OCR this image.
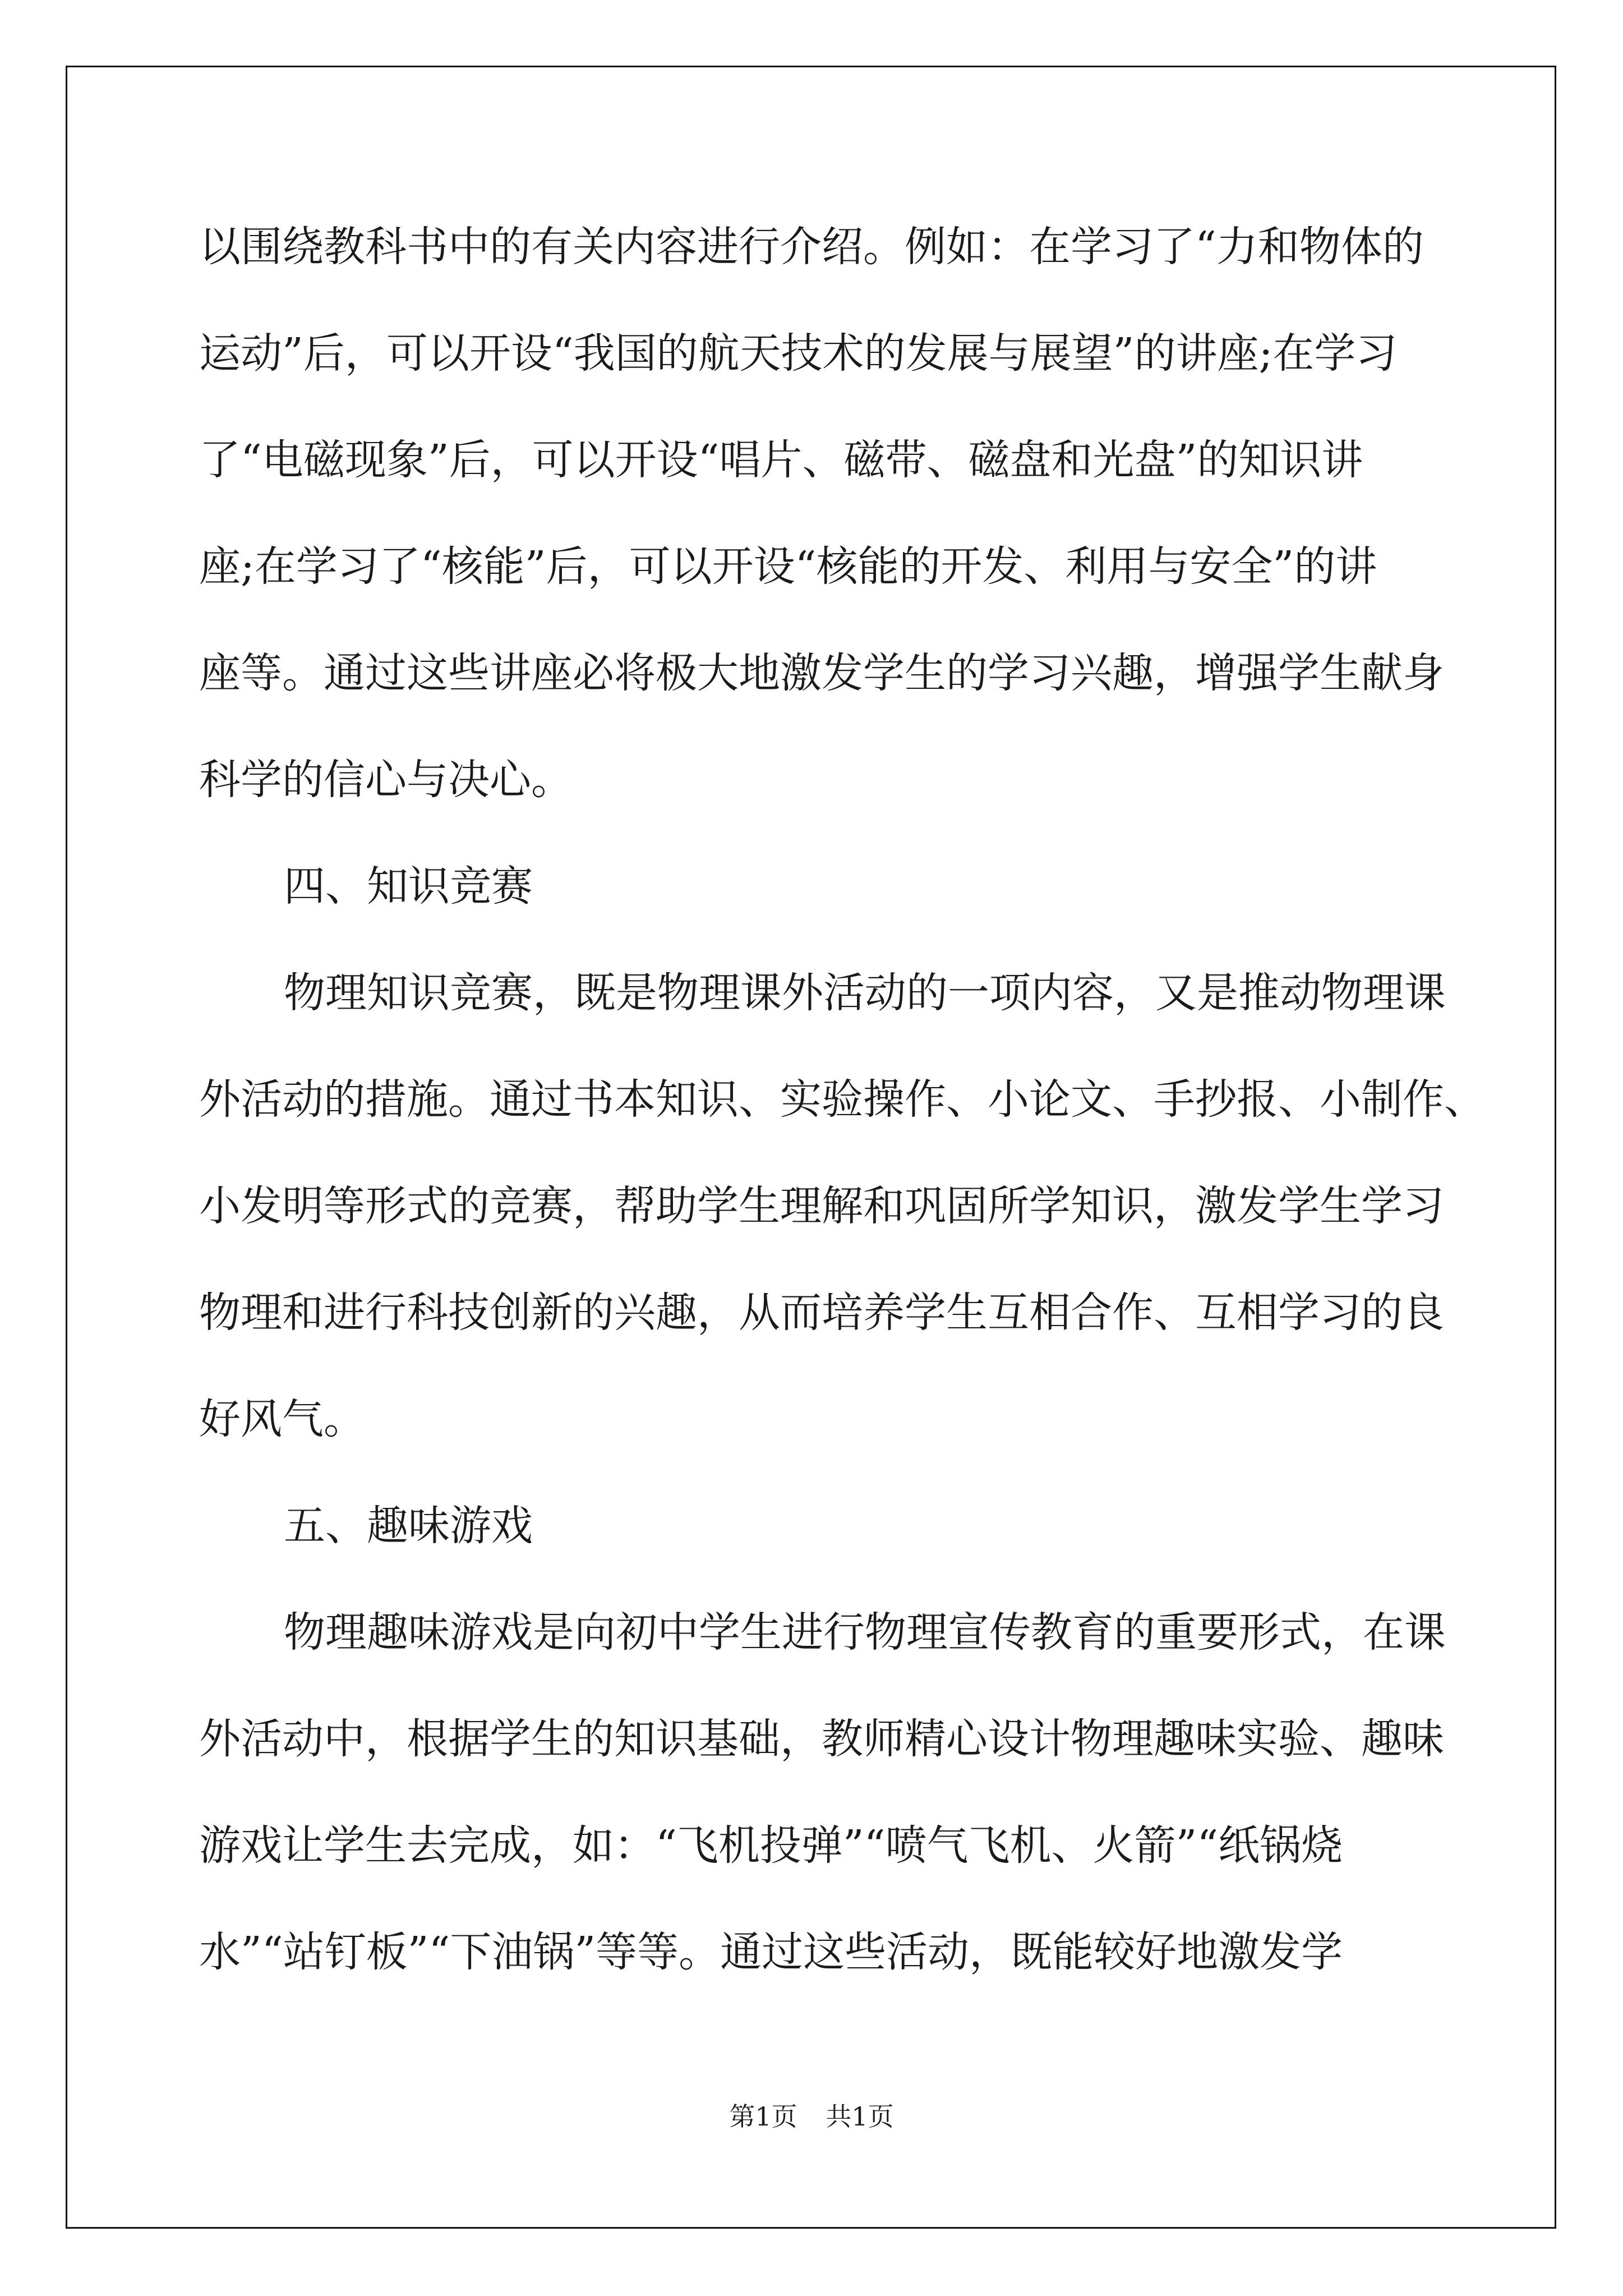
以围绕教科书中的有关内容进行介绍。例如：在学习了“力和物体的
运动”后，可以开设“我国的航天技术的发展与展望”的讲座;在学习
了“电磁现象”后，可以开设“唱片、磁带、磁盘和光盘”的知识讲
座;在学习了“核能”后，可以开设“核能的开发、利用与安全”的讲
座等。通过这些讲座必将极大地激发学生的学习兴趣，增强学生献身
科学的信心与决心。
四、知识竞赛
物理知识竞赛，既是物理课外活动的一项内容，又是推动物理课
外活动的措施。通过书本知识、实验操作、小论文、手抄报、小制作、
小发明等形式的竞赛，帮助学生理解和巩固所学知识，激发学生学习
物理和进行科技创新的兴趣，从而培养学生互相合作、互相学习的良
好风气。
五、趣味游戏
物理趣味游戏是向初中学生进行物理宣传教育的重要形式，在课
外活动中，根据学生的知识基础，教师精心设计物理趣味实验、趣味
游戏让学生去完成，如：“飞机投弹”“喷气飞机、火箭”“纸锅烧
水”“站钉板”“下油锅”等等。通过这些活动，既能较好地激发学
第1页 共1页
